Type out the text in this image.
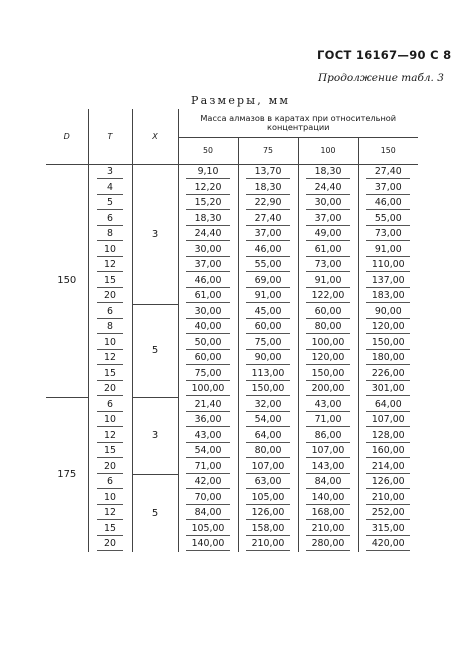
ГОСТ 16167—90 С 8
Продолжение табл. 3
Размеры, мм
D	T	X	Масса алмазов в каратах при относительной концентрации			
			50	75	100	150
150	3	3	9,10	13,70	18,30	27,40
	4		12,20	18,30	24,40	37,00
	5		15,20	22,90	30,00	46,00
	6		18,30	27,40	37,00	55,00
	8		24,40	37,00	49,00	73,00
	10		30,00	46,00	61,00	91,00
	12		37,00	55,00	73,00	110,00
	15		46,00	69,00	91,00	137,00
	20		61,00	91,00	122,00	183,00
	6	5	30,00	45,00	60,00	90,00
	8		40,00	60,00	80,00	120,00
	10		50,00	75,00	100,00	150,00
	12		60,00	90,00	120,00	180,00
	15		75,00	113,00	150,00	226,00
	20		100,00	150,00	200,00	301,00
175	6	3	21,40	32,00	43,00	64,00
	10		36,00	54,00	71,00	107,00
	12		43,00	64,00	86,00	128,00
	15		54,00	80,00	107,00	160,00
	20		71,00	107,00	143,00	214,00
	6	5	42,00	63,00	84,00	126,00
	10		70,00	105,00	140,00	210,00
	12		84,00	126,00	168,00	252,00
	15		105,00	158,00	210,00	315,00
	20		140,00	210,00	280,00	420,00
